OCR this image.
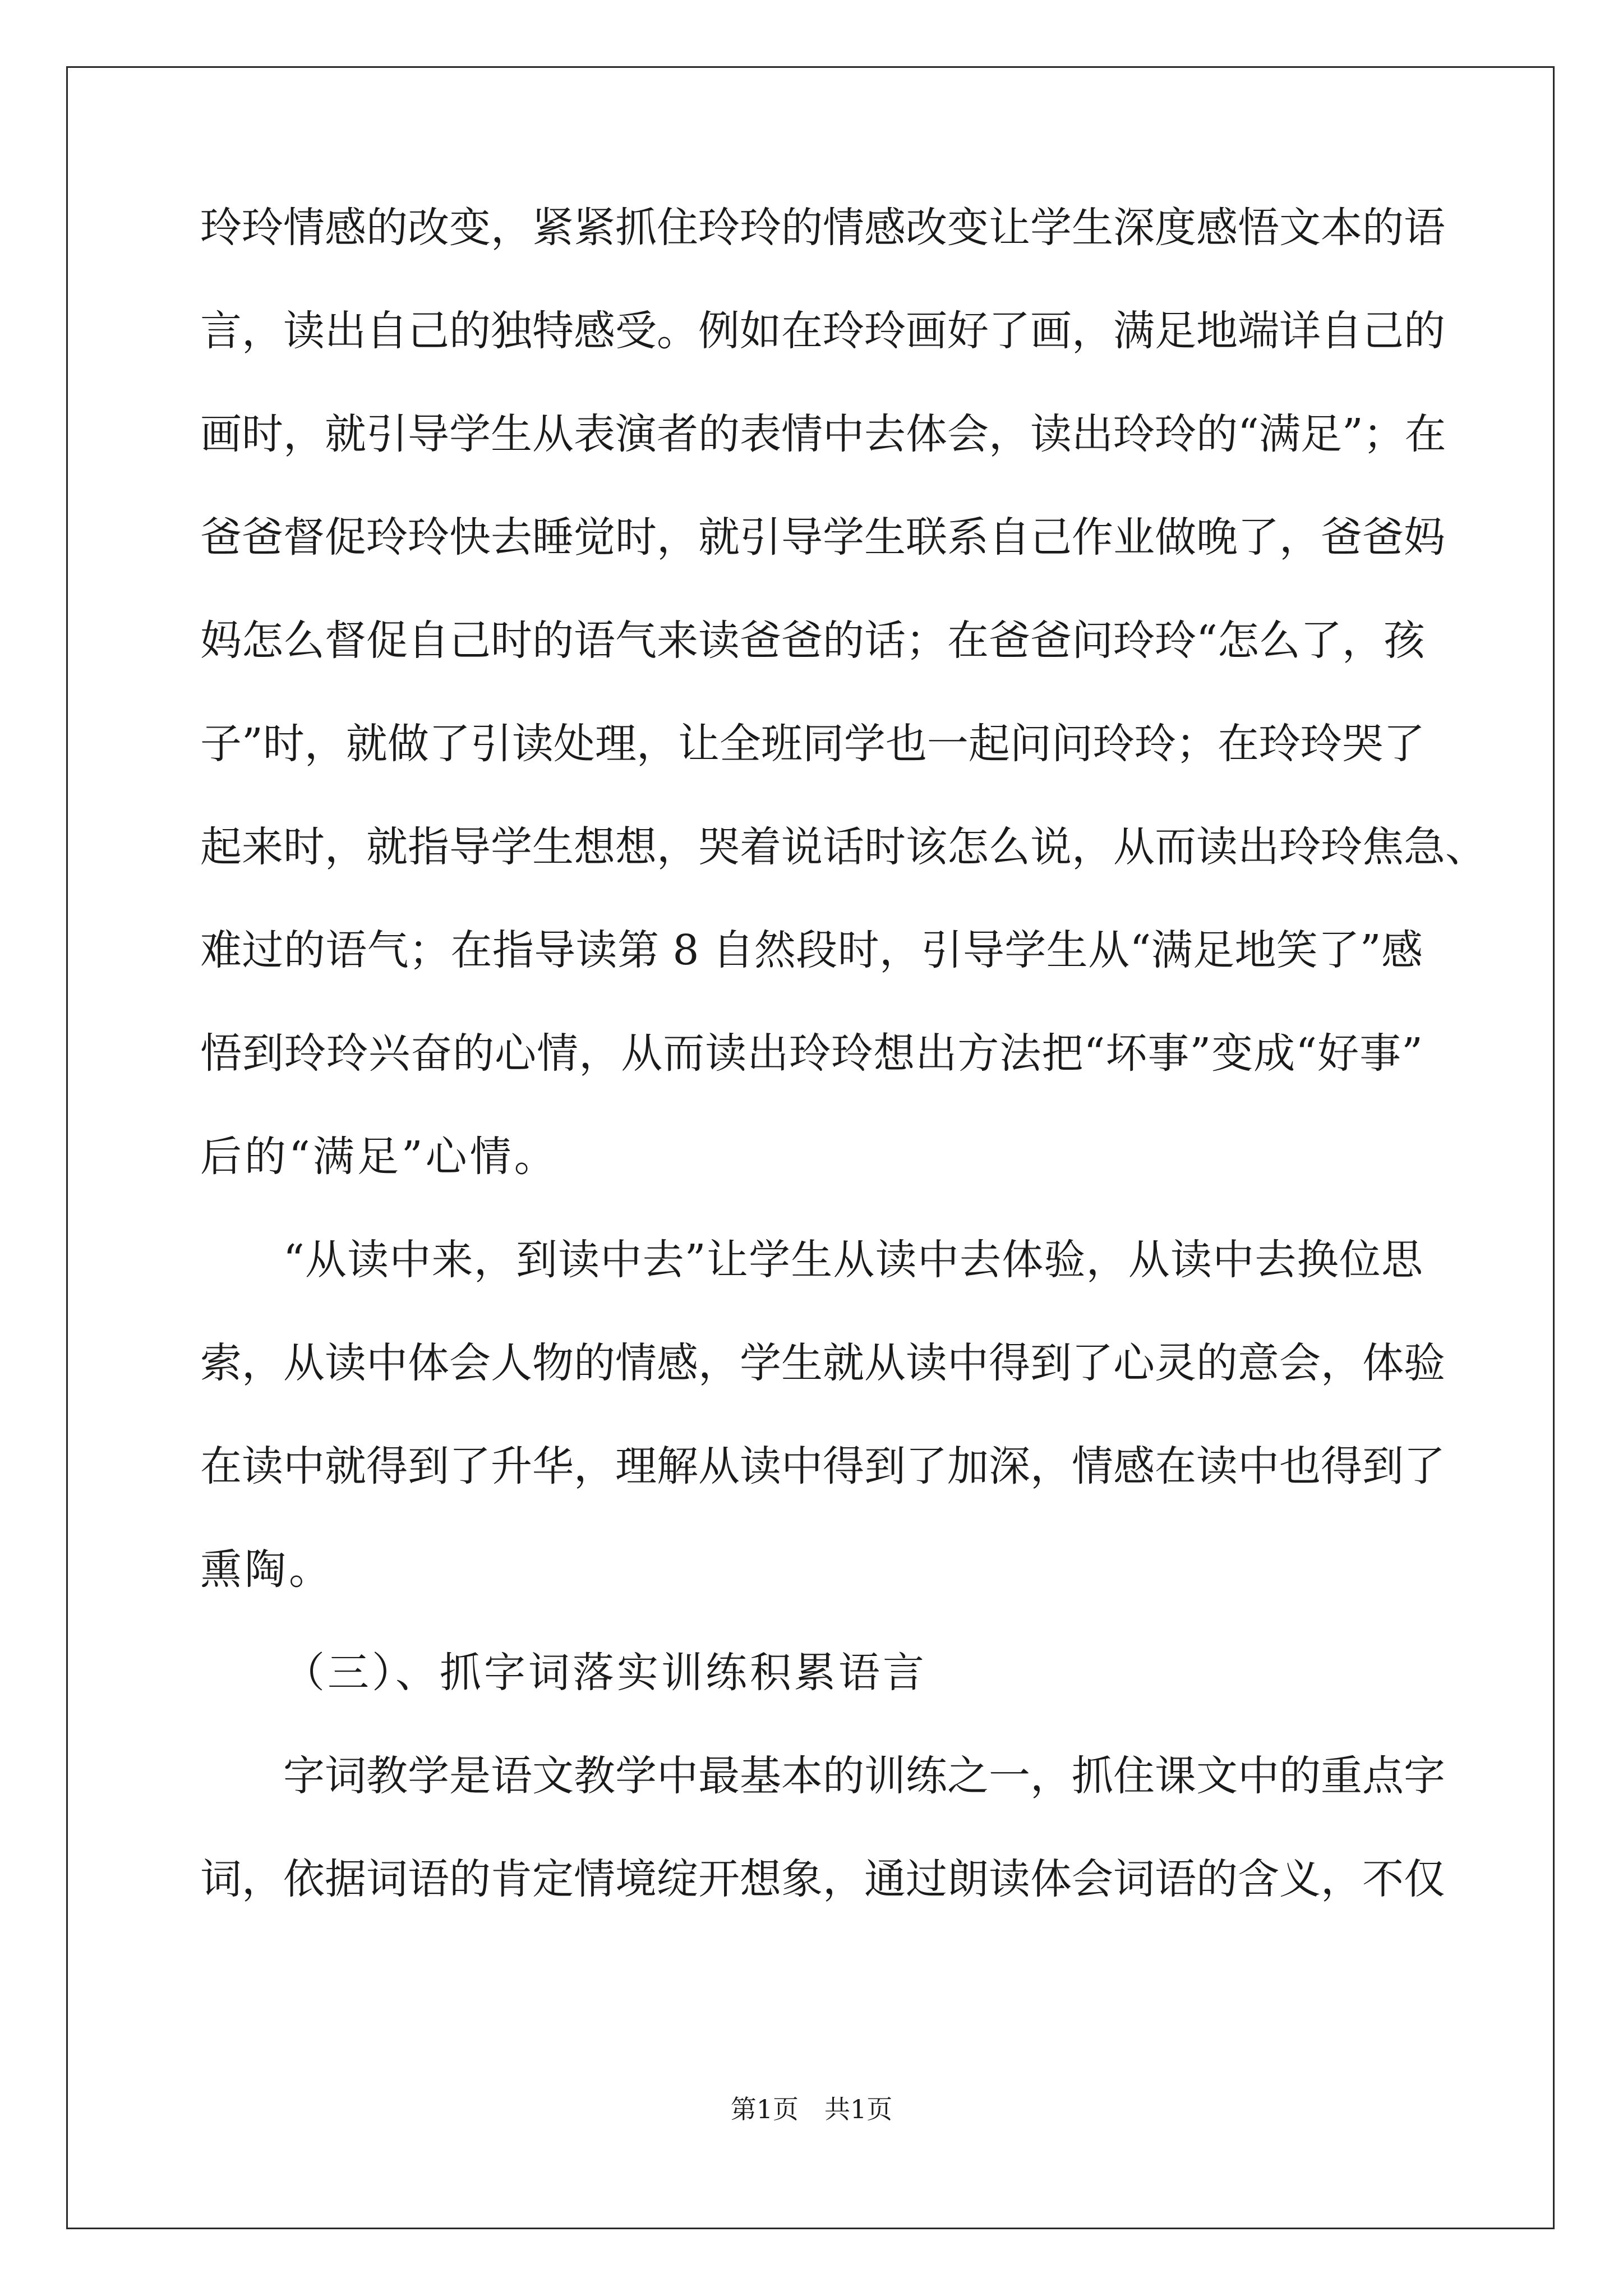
玲玲情感的改变，紧紧抓住玲玲的情感改变让学生深度感悟文本的语
言，读出自己的独特感受。例如在玲玲画好了画，满足地端详自己的
画时，就引导学生从表演者的表情中去体会，读出玲玲的“满足”；在
爸爸督促玲玲快去睡觉时，就引导学生联系自己作业做晚了，爸爸妈
妈怎么督促自己时的语气来读爸爸的话；在爸爸问玲玲“怎么了，孩
子”时，就做了引读处理，让全班同学也一起问问玲玲；在玲玲哭了
起来时，就指导学生想想，哭着说话时该怎么说，从而读出玲玲焦急、
难过的语气；在指导读第 8 自然段时，引导学生从“满足地笑了”感
悟到玲玲兴奋的心情，从而读出玲玲想出方法把“坏事”变成“好事”
后的“满足”心情。
“从读中来，到读中去”让学生从读中去体验，从读中去换位思
索，从读中体会人物的情感，学生就从读中得到了心灵的意会，体验
在读中就得到了升华，理解从读中得到了加深，情感在读中也得到了
熏陶。
（三）、抓字词落实训练积累语言
字词教学是语文教学中最基本的训练之一，抓住课文中的重点字
词，依据词语的肯定情境绽开想象，通过朗读体会词语的含义，不仅
第1页　共1页
